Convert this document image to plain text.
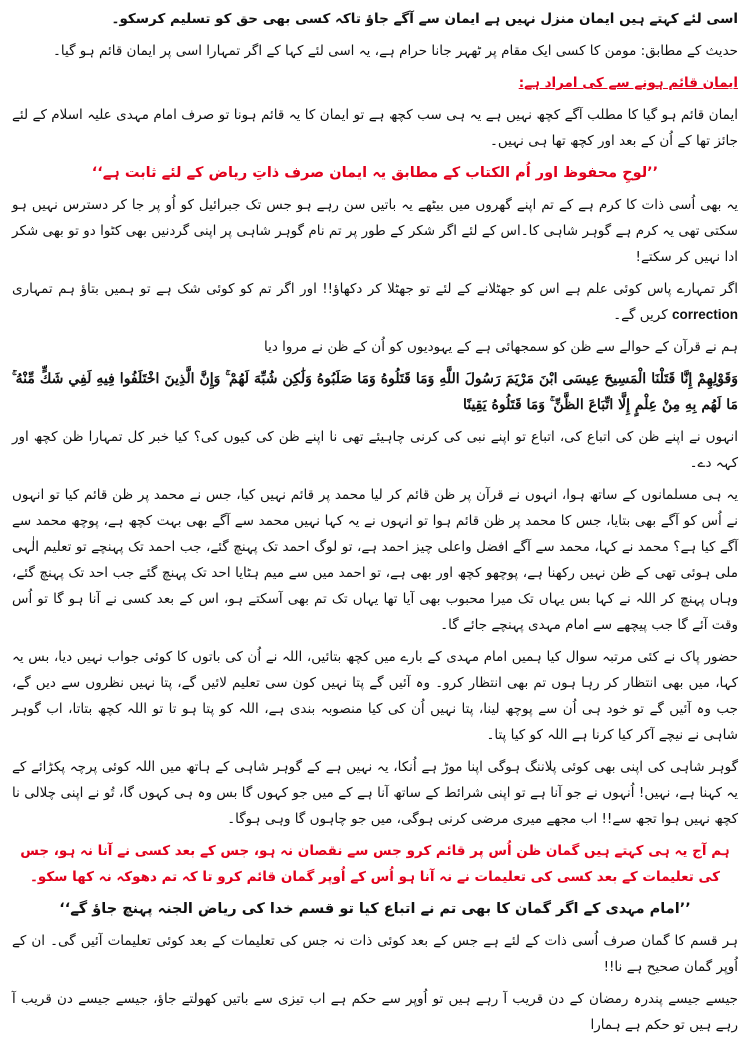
اسی لئے کہتے ہیں ایمان منزل نہیں ہے ایمان سے آگے جاؤ تاکہ کسی بھی حق کو تسلیم کرسکو۔

حدیث کے مطابق: مومن کا کسی ایک مقام پر ٹھہر جانا حرام ہے، یہ اسی لئے کہا کے اگر تمہارا اسی پر ایمان قائم ہو گیا۔

ایمان قائم ہونے سے کی امراد ہے:

ایمان قائم ہو گیا کا مطلب آگے کچھ نہیں ہے یہ ہی سب کچھ ہے تو ایمان کا یہ قائم ہونا تو صرف امام مہدی علیہ اسلام کے لئے جائز تھا کے اُن کے بعد اور کچھ تھا ہی نہیں۔

’’لوحِ محفوظ اور اُم الکتاب کے مطابق یہ ایمان صرف ذاتِ ریاض کے لئے ثابت ہے‘‘

یہ بھی اُسی ذات کا کرم ہے کے تم اپنے گھروں میں بیٹھے یہ باتیں سن رہے ہو جس تک جبرائیل کو اُو پر جا کر دسترس نہیں ہو سکتی تھی یہ کرم ہے گوہر شاہی کا۔اس کے لئے اگر شکر کے طور پر تم نام گوہر شاہی پر اپنی گردنیں بھی کٹوا دو تو بھی شکر ادا نہیں کر سکتے!

اگر تمہارے پاس کوئی علم ہے اس کو جھٹلانے کے لئے تو جھٹلا کر دکھاؤ!! اور اگر تم کو کوئی شک ہے تو ہمیں بتاؤ ہم تمہاری correction کریں گے۔

ہم نے قرآن کے حوالے سے ظن کو سمجھائی ہے کے یہودیوں کو اُن کے ظن نے مروا دیا

وَقَوْلِهِمْ إِنَّا قَتَلْنَا الْمَسِيحَ عِيسَى ابْنَ مَرْيَمَ رَسُولَ اللَّهِ وَمَا قَتَلُوهُ وَمَا صَلَبُوهُ وَلَٰكِن شُبِّهَ لَهُمْ ۚ وَإِنَّ الَّذِينَ اخْتَلَفُوا فِيهِ لَفِي شَكٍّ مِّنْهُ ۚ مَا لَهُم بِهِ مِنْ عِلْمٍ إِلَّا اتِّبَاعَ الظَّنِّ ۚ وَمَا قَتَلُوهُ يَقِينًا

انہوں نے اپنے ظن کی اتباع کی، اتباع تو اپنے نبی کی کرنی چاہیئے تھی نا اپنے ظن کی کیوں کی؟ کیا خبر کل تمہارا ظن کچھ اور کہہ دے۔

یہ ہی مسلمانوں کے ساتھ ہوا، انہوں نے قرآن پر ظن قائم کر لیا محمد پر قائم نہیں کیا، جس نے محمد پر ظن قائم کیا تو انہوں نے اُس کو آگے بھی بتایا، جس کا محمد پر ظن قائم ہوا تو انہوں نے یہ کہا نہیں محمد سے آگے بھی بہت کچھ ہے، پوچھ محمد سے آگے کیا ہے؟ محمد نے کہا، محمد سے آگے افضل واعلی چیز احمد ہے، تو لوگ احمد تک پہنچ گئے، جب احمد تک پہنچے تو تعلیم الٰہی ملی ہوئی تھی کے ظن نہیں رکھنا ہے، پوچھو کچھ اور بھی ہے، تو احمد میں سے میم ہٹایا احد تک پہنچ گئے جب احد تک پہنچ گئے، وہاں پہنچ کر اللہ نے کہا بس یہاں تک میرا محبوب بھی آیا تھا یہاں تک تم بھی آسکتے ہو، اس کے بعد کسی نے آنا ہو گا تو اُس وقت آئے گا جب پیچھے سے امام مہدی پہنچے جائے گا۔

حضور پاک نے کئی مرتبہ سوال کیا ہمیں امام مہدی کے بارے میں کچھ بتائیں، اللہ نے اُن کی باتوں کا کوئی جواب نہیں دیا، بس یہ کہا، میں بھی انتظار کر رہا ہوں تم بھی انتظار کرو۔ وہ آئیں گے پتا نہیں کون سی تعلیم لائیں گے، پتا نہیں نظروں سے دیں گے، جب وہ آئیں گے تو خود ہی اُن سے پوچھ لینا، پتا نہیں اُن کی کیا منصوبہ بندی ہے، اللہ کو پتا ہو تا تو اللہ کچھ بتاتا، اب گوہر شاہی نے نیچے آکر کیا کرنا ہے اللہ کو کیا پتا۔

گوہر شاہی کی اپنی بھی کوئی پلاننگ ہوگی اپنا موڑ ہے اُنکا، یہ نہیں ہے کے گوہر شاہی کے ہاتھ میں اللہ کوئی پرچہ پکڑائے کے یہ کہنا ہے، نہیں! اُنہوں نے جو آنا ہے تو اپنی شرائط کے ساتھ آنا ہے کے میں جو کہوں گا بس وہ ہی کہوں گا، تُو نے اپنی چلالی نا کچھ نہیں ہوا تجھ سے!! اب مجھے میری مرضی کرنی ہوگی، میں جو چاہوں گا وہی ہوگا۔

ہم آج یہ ہی کہتے ہیں گمان ظن اُس پر قائم کرو جس سے نقصان نہ ہو، جس کے بعد کسی نے آنا نہ ہو، جس کی تعلیمات کے بعد کسی کی تعلیمات نے نہ آنا ہو اُس کے اُوپر گمان قائم کرو تا کہ تم دھوکہ نہ کھا سکو۔

’’امام مہدی کے اگر گمان کا بھی تم نے اتباع کیا تو قسم خدا کی ریاض الجنہ پہنچ جاؤ گے‘‘

ہر قسم کا گمان صرف اُسی ذات کے لئے ہے جس کے بعد کوئی ذات نہ جس کی تعلیمات کے بعد کوئی تعلیمات آئیں گی۔ ان کے اُوپر گمان صحیح ہے نا!!

جیسے جیسے پندرہ رمضان کے دن قریب آ رہے ہیں تو اُوپر سے حکم ہے اب تیزی سے باتیں کھولتے جاؤ، جیسے جیسے دن قریب آ رہے ہیں تو حکم ہے ہمارا
